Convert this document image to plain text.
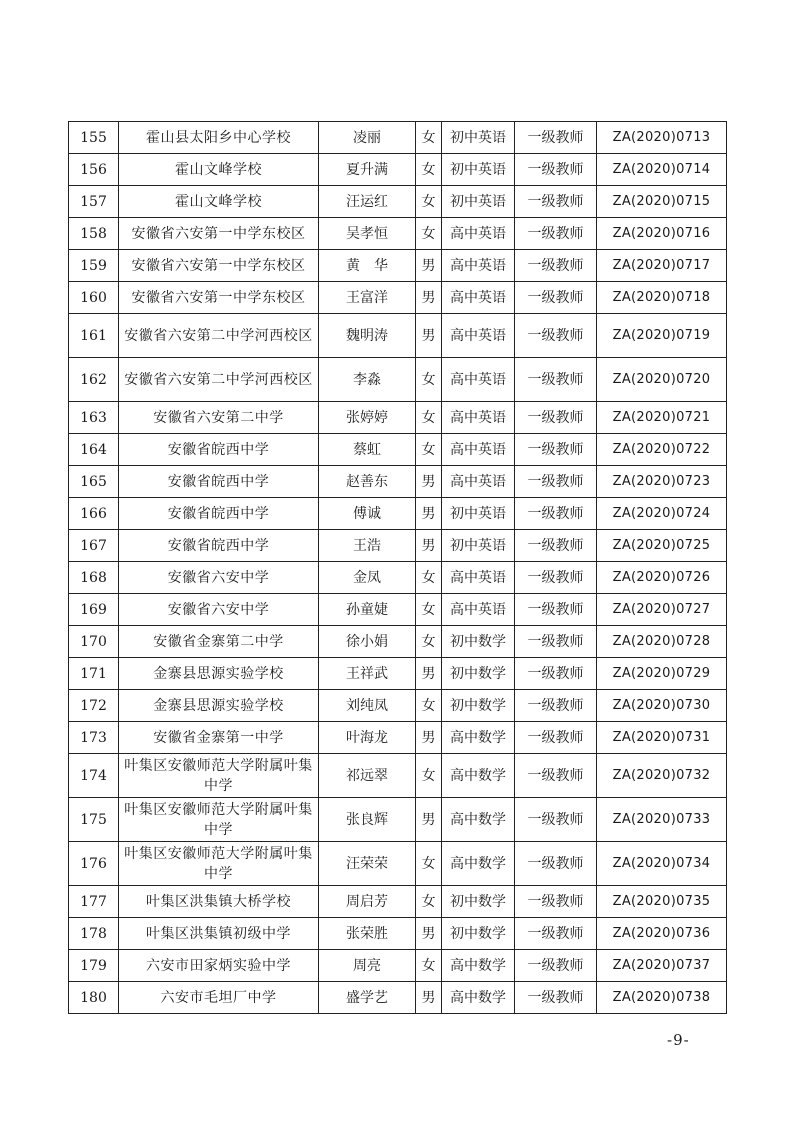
155	霍山县太阳乡中心学校	凌丽	女	初中英语	一级教师	ZA(2020)0713
156	霍山文峰学校	夏升满	女	初中英语	一级教师	ZA(2020)0714
157	霍山文峰学校	汪运红	女	初中英语	一级教师	ZA(2020)0715
158	安徽省六安第一中学东校区	吴孝恒	女	高中英语	一级教师	ZA(2020)0716
159	安徽省六安第一中学东校区	黄　华	男	高中英语	一级教师	ZA(2020)0717
160	安徽省六安第一中学东校区	王富洋	男	高中英语	一级教师	ZA(2020)0718
161	安徽省六安第二中学河西校区	魏明涛	男	高中英语	一级教师	ZA(2020)0719
162	安徽省六安第二中学河西校区	李淼	女	高中英语	一级教师	ZA(2020)0720
163	安徽省六安第二中学	张婷婷	女	高中英语	一级教师	ZA(2020)0721
164	安徽省皖西中学	蔡虹	女	高中英语	一级教师	ZA(2020)0722
165	安徽省皖西中学	赵善东	男	高中英语	一级教师	ZA(2020)0723
166	安徽省皖西中学	傅诚	男	初中英语	一级教师	ZA(2020)0724
167	安徽省皖西中学	王浩	男	初中英语	一级教师	ZA(2020)0725
168	安徽省六安中学	金凤	女	高中英语	一级教师	ZA(2020)0726
169	安徽省六安中学	孙童婕	女	高中英语	一级教师	ZA(2020)0727
170	安徽省金寨第二中学	徐小娟	女	初中数学	一级教师	ZA(2020)0728
171	金寨县思源实验学校	王祥武	男	初中数学	一级教师	ZA(2020)0729
172	金寨县思源实验学校	刘纯凤	女	初中数学	一级教师	ZA(2020)0730
173	安徽省金寨第一中学	叶海龙	男	高中数学	一级教师	ZA(2020)0731
174	叶集区安徽师范大学附属叶集中学	祁远翠	女	高中数学	一级教师	ZA(2020)0732
175	叶集区安徽师范大学附属叶集中学	张良辉	男	高中数学	一级教师	ZA(2020)0733
176	叶集区安徽师范大学附属叶集中学	汪荣荣	女	高中数学	一级教师	ZA(2020)0734
177	叶集区洪集镇大桥学校	周启芳	女	初中数学	一级教师	ZA(2020)0735
178	叶集区洪集镇初级中学	张荣胜	男	初中数学	一级教师	ZA(2020)0736
179	六安市田家炳实验中学	周亮	女	高中数学	一级教师	ZA(2020)0737
180	六安市毛坦厂中学	盛学艺	男	高中数学	一级教师	ZA(2020)0738
-9-
